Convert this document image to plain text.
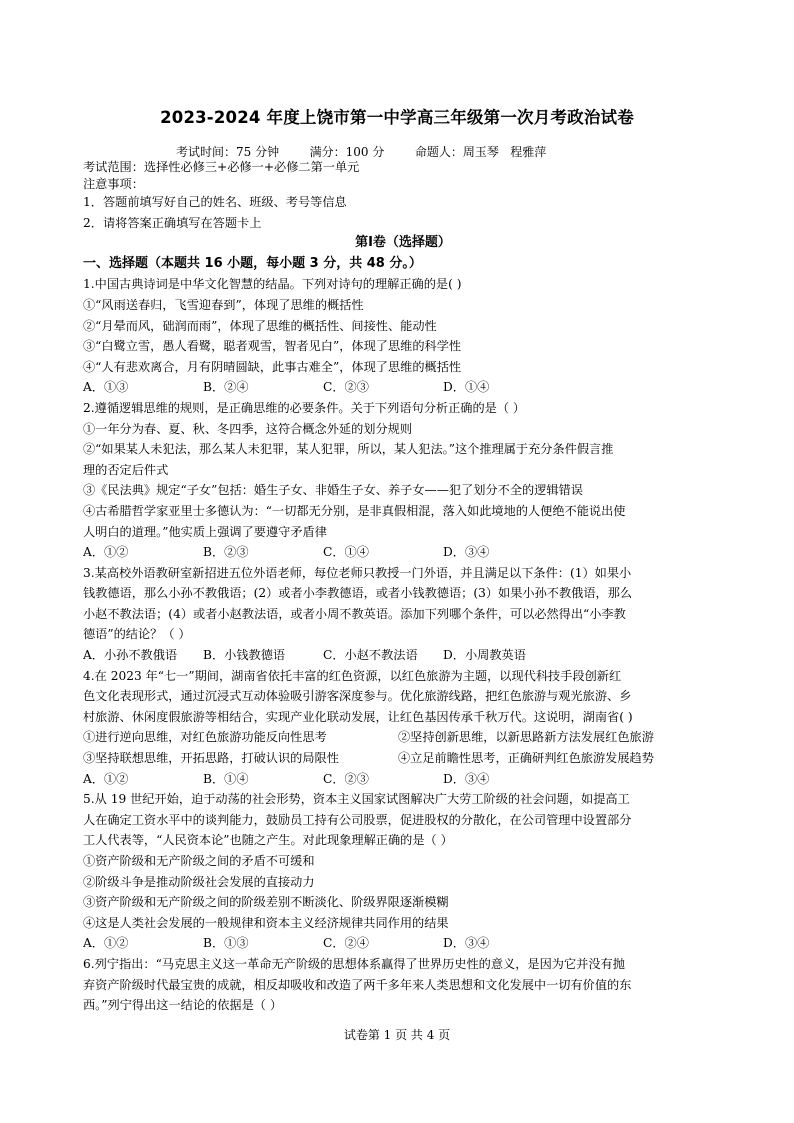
2023-2024 年度上饶市第一中学高三年级第一次月考政治试卷
考试时间：75 分钟        满分：100 分        命题人：周玉琴   程雅萍
考试范围：选择性必修三+必修一+必修二第一单元
注意事项：
1．答题前填写好自己的姓名、班级、考号等信息
2．请将答案正确填写在答题卡上
第Ⅰ卷（选择题）
一、选择题（本题共 16 小题，每小题 3 分，共 48 分。）
1.中国古典诗词是中华文化智慧的结晶。下列对诗句的理解正确的是( )
①“风雨送春归，飞雪迎春到”，体现了思维的概括性
②“月晕而风，础润而雨”，体现了思维的概括性、间接性、能动性
③“白鹭立雪，愚人看鹭，聪者观雪，智者见白”，体现了思维的科学性
④“人有悲欢离合，月有阴晴圆缺，此事古难全”，体现了思维的概括性
A．①③	B．②④	C．②③	D．①④
2.遵循逻辑思维的规则，是正确思维的必要条件。关于下列语句分析正确的是（ ）
①一年分为春、夏、秋、冬四季，这符合概念外延的划分规则
②“如果某人未犯法，那么某人未犯罪，某人犯罪，所以，某人犯法。”这个推理属于充分条件假言推
理的否定后件式
③《民法典》规定“子女”包括：婚生子女、非婚生子女、养子女——犯了划分不全的逻辑错误
④古希腊哲学家亚里士多德认为：“一切都无分别，是非真假相混，落入如此境地的人便绝不能说出使
人明白的道理。”他实质上强调了要遵守矛盾律
A．①②	B．②③	C．①④	D．③④
3.某高校外语教研室新招进五位外语老师，每位老师只教授一门外语，并且满足以下条件：(1）如果小
钱教德语，那么小孙不教俄语；(2）或者小李教德语，或者小钱教德语；(3）如果小孙不教俄语，那么
小赵不教法语；(4）或者小赵教法语，或者小周不教英语。添加下列哪个条件，可以必然得出“小李教
德语”的结论？（ ）
A．小孙不教俄语	B．小钱教德语	C．小赵不教法语	D．小周教英语
4.在 2023 年“七一”期间，湖南省依托丰富的红色资源，以红色旅游为主题，以现代科技手段创新红
色文化表现形式，通过沉浸式互动体验吸引游客深度参与。优化旅游线路，把红色旅游与观光旅游、乡
村旅游、休闲度假旅游等相结合，实现产业化联动发展，让红色基因传承千秋万代。这说明，湖南省( )
①进行逆向思维，对红色旅游功能反向性思考	②坚持创新思维，以新思路新方法发展红色旅游
③坚持联想思维，开拓思路，打破认识的局限性	④立足前瞻性思考，正确研判红色旅游发展趋势
A．①②	B．①④	C．②③	D．③④
5.从 19 世纪开始，迫于动荡的社会形势，资本主义国家试图解决广大劳工阶级的社会问题，如提高工
人在确定工资水平中的谈判能力，鼓励员工持有公司股票，促进股权的分散化，在公司管理中设置部分
工人代表等，“人民资本论”也随之产生。对此现象理解正确的是（ ）
①资产阶级和无产阶级之间的矛盾不可缓和
②阶级斗争是推动阶级社会发展的直接动力
③资产阶级和无产阶级之间的阶级差别不断淡化、阶级界限逐渐模糊
④这是人类社会发展的一般规律和资本主义经济规律共同作用的结果
A．①②	B．①③	C．②④	D．③④
6.列宁指出：“马克思主义这一革命无产阶级的思想体系赢得了世界历史性的意义，是因为它并没有抛
弃资产阶级时代最宝贵的成就，相反却吸收和改造了两千多年来人类思想和文化发展中一切有价值的东
西。”列宁得出这一结论的依据是（ ）
试卷第 1 页 共 4 页
